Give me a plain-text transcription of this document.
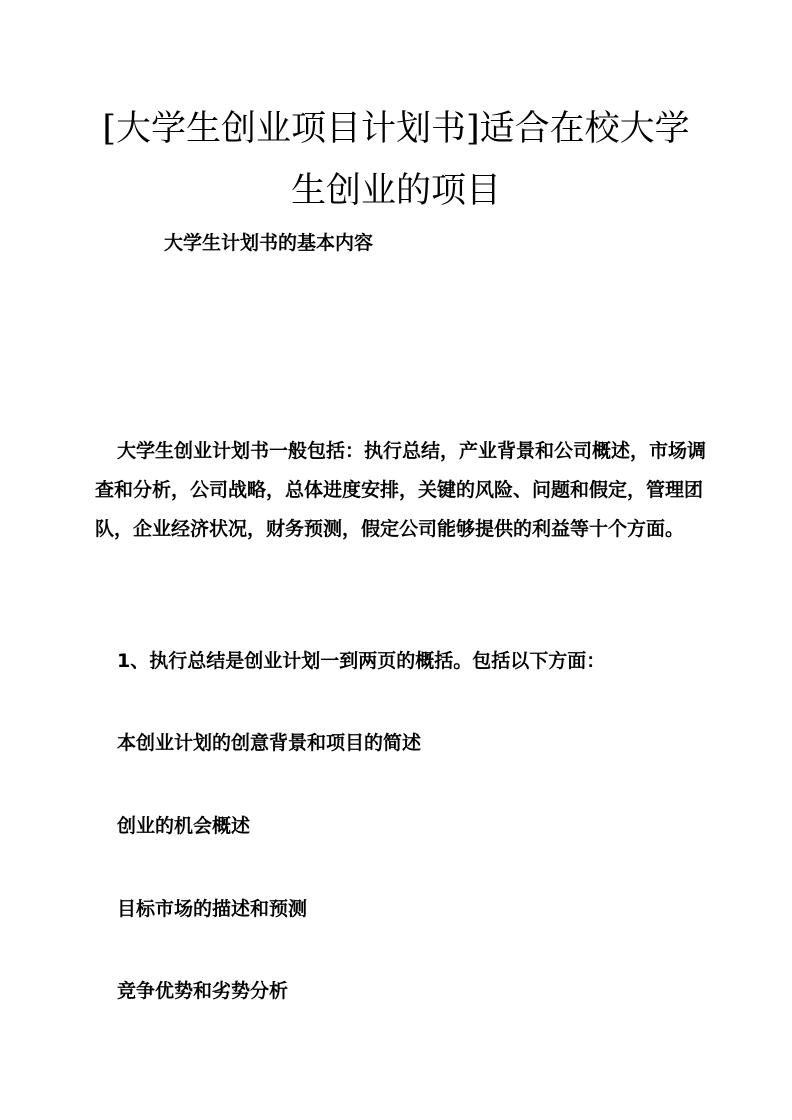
[大学生创业项目计划书]适合在校大学生创业的项目
大学生计划书的基本内容
大学生创业计划书一般包括：执行总结，产业背景和公司概述，市场调查和分析，公司战略，总体进度安排，关键的风险、问题和假定，管理团队，企业经济状况，财务预测，假定公司能够提供的利益等十个方面。
1、执行总结是创业计划一到两页的概括。包括以下方面：
本创业计划的创意背景和项目的简述
创业的机会概述
目标市场的描述和预测
竞争优势和劣势分析
